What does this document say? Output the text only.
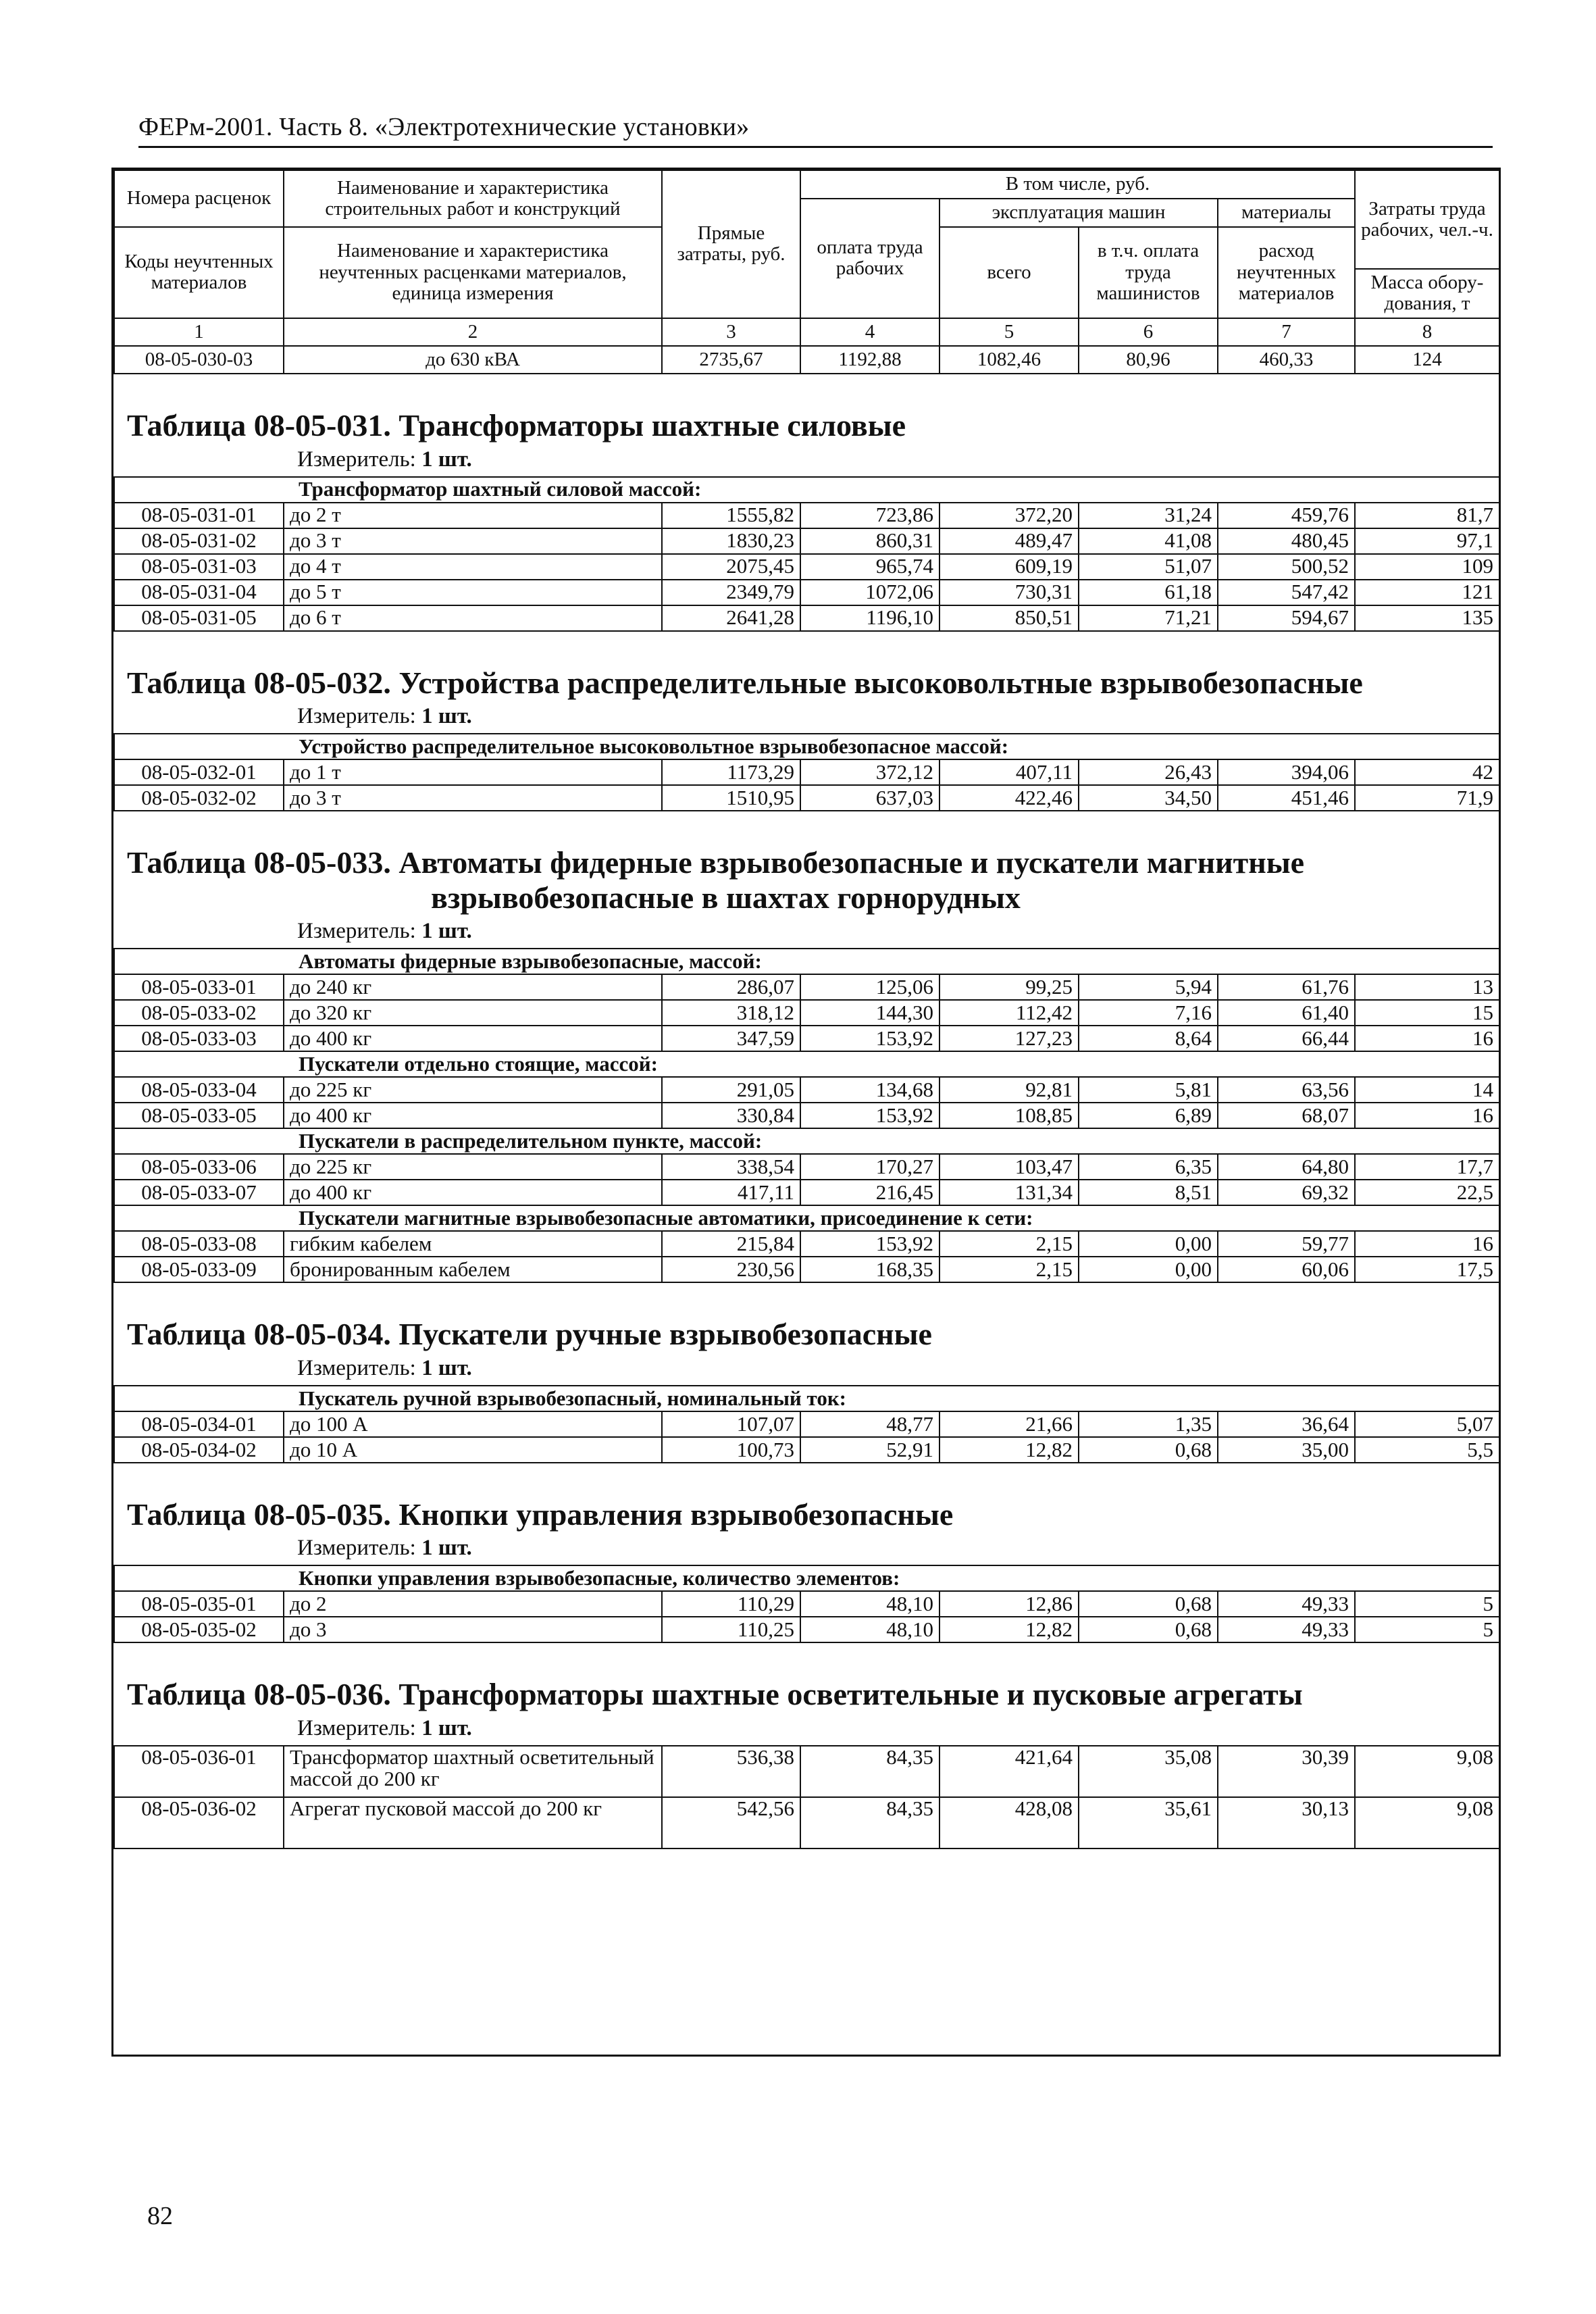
ФЕРм-2001. Часть 8. «Электротехнические установки»
Номера расценок	Наименование и характеристика строительных работ и конструкций	Прямые затраты, руб.	В том числе, руб.				Затраты труда рабочих, чел.-ч.
			оплата труда рабочих	эксплуатация машин		материалы	
Коды неучтенных материалов	Наименование и характеристика неучтенных расценками материалов, единица измерения			всего	в т.ч. оплата труда машинистов	расход неучтенных материалов	
							Масса обору-дования, т
1	2	3	4	5	6	7	8
08-05-030-03	до 630 кВА	2735,67	1192,88	1082,46	80,96	460,33	124
Таблица 08-05-031. Трансформаторы шахтные силовые
Измеритель: 1 шт.
Трансформатор шахтный силовой массой:							
08-05-031-01	до 2 т	1555,82	723,86	372,20	31,24	459,76	81,7
08-05-031-02	до 3 т	1830,23	860,31	489,47	41,08	480,45	97,1
08-05-031-03	до 4 т	2075,45	965,74	609,19	51,07	500,52	109
08-05-031-04	до 5 т	2349,79	1072,06	730,31	61,18	547,42	121
08-05-031-05	до 6 т	2641,28	1196,10	850,51	71,21	594,67	135
Таблица 08-05-032. Устройства распределительные высоковольтные взрывобезопасные
Измеритель: 1 шт.
Устройство распределительное высоковольтное взрывобезопасное массой:							
08-05-032-01	до 1 т	1173,29	372,12	407,11	26,43	394,06	42
08-05-032-02	до 3 т	1510,95	637,03	422,46	34,50	451,46	71,9
Таблица 08-05-033. Автоматы фидерные взрывобезопасные и пускатели магнитные
взрывобезопасные в шахтах горнорудных
Измеритель: 1 шт.
Автоматы фидерные взрывобезопасные, массой:							
08-05-033-01	до 240 кг	286,07	125,06	99,25	5,94	61,76	13
08-05-033-02	до 320 кг	318,12	144,30	112,42	7,16	61,40	15
08-05-033-03	до 400 кг	347,59	153,92	127,23	8,64	66,44	16
Пускатели отдельно стоящие, массой:							
08-05-033-04	до 225 кг	291,05	134,68	92,81	5,81	63,56	14
08-05-033-05	до 400 кг	330,84	153,92	108,85	6,89	68,07	16
Пускатели в распределительном пункте, массой:							
08-05-033-06	до 225 кг	338,54	170,27	103,47	6,35	64,80	17,7
08-05-033-07	до 400 кг	417,11	216,45	131,34	8,51	69,32	22,5
Пускатели магнитные взрывобезопасные автоматики, присоединение к сети:							
08-05-033-08	гибким кабелем	215,84	153,92	2,15	0,00	59,77	16
08-05-033-09	бронированным кабелем	230,56	168,35	2,15	0,00	60,06	17,5
Таблица 08-05-034. Пускатели ручные взрывобезопасные
Измеритель: 1 шт.
Пускатель ручной взрывобезопасный, номинальный ток:							
08-05-034-01	до 100 А	107,07	48,77	21,66	1,35	36,64	5,07
08-05-034-02	до 10 А	100,73	52,91	12,82	0,68	35,00	5,5
Таблица 08-05-035. Кнопки управления взрывобезопасные
Измеритель: 1 шт.
Кнопки управления взрывобезопасные, количество элементов:							
08-05-035-01	до 2	110,29	48,10	12,86	0,68	49,33	5
08-05-035-02	до 3	110,25	48,10	12,82	0,68	49,33	5
Таблица 08-05-036. Трансформаторы шахтные осветительные и пусковые агрегаты
Измеритель: 1 шт.
08-05-036-01	Трансформатор шахтный осветительный массой до 200 кг	536,38	84,35	421,64	35,08	30,39	9,08
08-05-036-02	Агрегат пусковой массой до 200 кг	542,56	84,35	428,08	35,61	30,13	9,08
82
